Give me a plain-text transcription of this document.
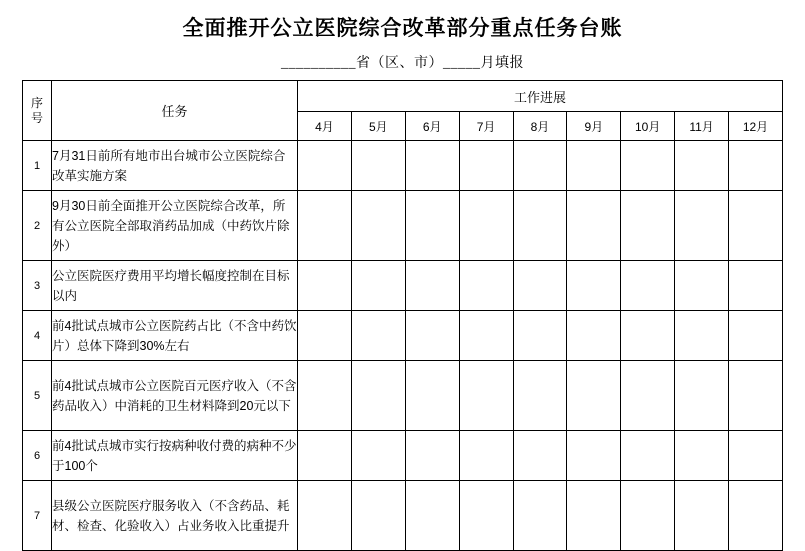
全面推开公立医院综合改革部分重点任务台账
__________省（区、市）_____月填报
序号	任务	工作进展								
		4月	5月	6月	7月	8月	9月	10月	11月	12月
1	7月31日前所有地市出台城市公立医院综合改革实施方案									
2	9月30日前全面推开公立医院综合改革，所有公立医院全部取消药品加成（中药饮片除外）									
3	公立医院医疗费用平均增长幅度控制在目标以内									
4	前4批试点城市公立医院药占比（不含中药饮片）总体下降到30%左右									
5	前4批试点城市公立医院百元医疗收入（不含药品收入）中消耗的卫生材料降到20元以下									
6	前4批试点城市实行按病种收付费的病种不少于100个									
7	县级公立医院医疗服务收入（不含药品、耗材、检查、化验收入）占业务收入比重提升									
